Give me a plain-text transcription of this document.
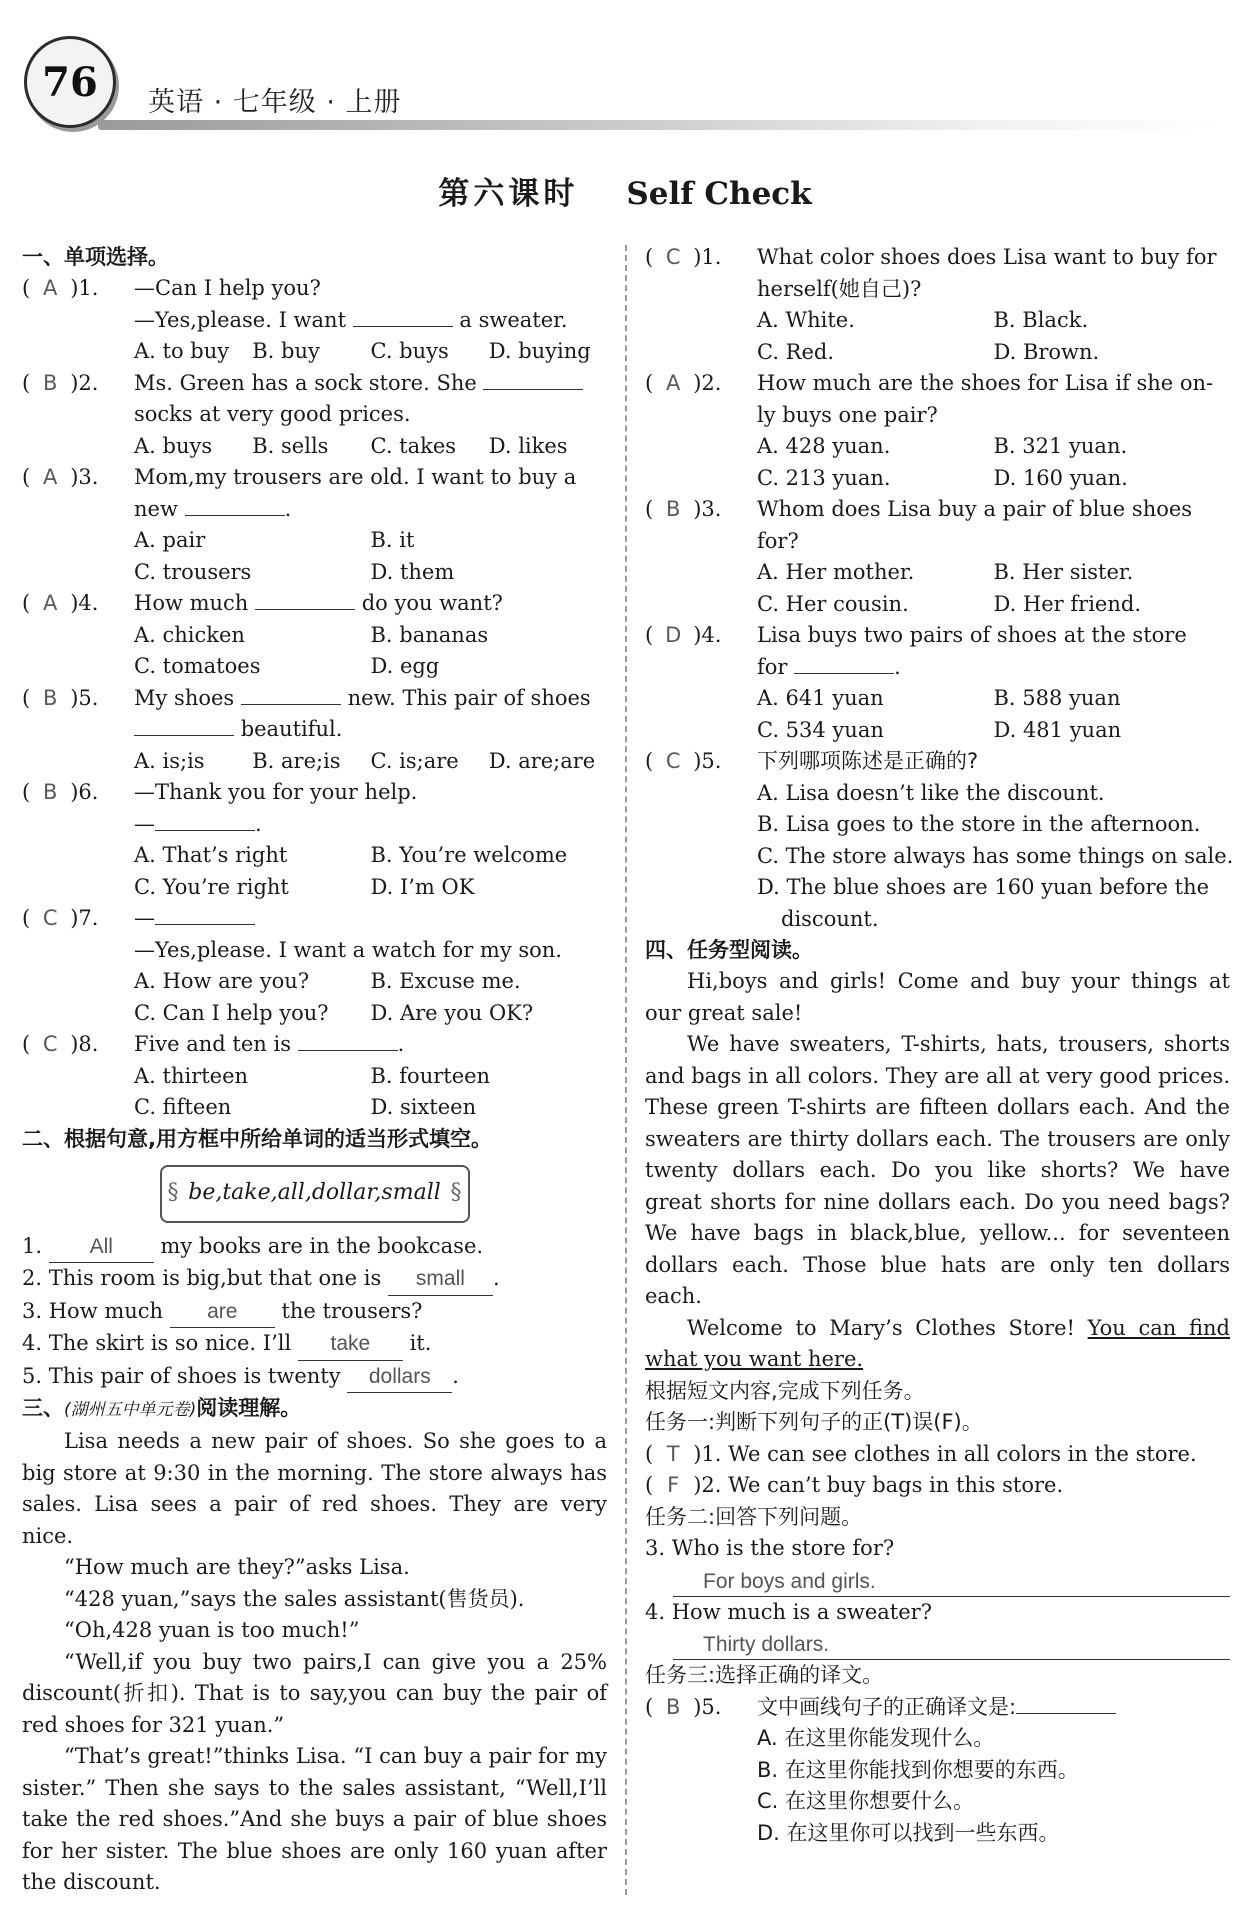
76	英语 · 七年级 · 上册
第六课时 Self Check
一、单项选择。
( A )1. —Can I help you?
—Yes,please. I want	a sweater.
A. to buy	B. buy	C. buys	D. buying
( B )2. Ms. Green has a sock store. She
socks at very good prices.
A. buys	B. sells	C. takes	D. likes
( A )3. Mom,my trousers are old. I want to buy a
new	.
A. pair	B. it
C. trousers	D. them
( A )4. How much	do you want?
A. chicken	B. bananas
C. tomatoes	D. egg
( B )5. My shoes	new. This pair of shoes
beautiful.
A. is;is	B. are;is	C. is;are	D. are;are
( B )6. —Thank you for your help.
—	.
A. That’s right	B. You’re welcome
C. You’re right	D. I’m OK
( C )7. —
—Yes,please. I want a watch for my son.
A. How are you?	B. Excuse me.
C. Can I help you?	D. Are you OK?
( C )8. Five and ten is	.
A. thirteen	B. fourteen
C. fifteen	D. sixteen
二、根据句意,用方框中所给单词的适当形式填空。
§ be,take,all,dollar,small §
1. All my books are in the bookcase.
2. This room is big,but that one is small .
3. How much are the trousers?
4. The skirt is so nice. I’ll take it.
5. This pair of shoes is twenty dollars .
三、(湖州五中单元卷)阅读理解。
Lisa needs a new pair of shoes. So she goes to a big store at 9:30 in the morning. The store always has sales. Lisa sees a pair of red shoes. They are very nice.
“How much are they?”asks Lisa.
“428 yuan,”says the sales assistant(售货员).
“Oh,428 yuan is too much!”
“Well,if you buy two pairs,I can give you a 25% discount(折扣). That is to say,you can buy the pair of red shoes for 321 yuan.”
“That’s great!”thinks Lisa. “I can buy a pair for my sister.” Then she says to the sales assistant, “Well,I’ll take the red shoes.”And she buys a pair of blue shoes for her sister. The blue shoes are only 160 yuan after the discount.
( C )1. What color shoes does Lisa want to buy for
herself(她自己)?
A. White.	B. Black.
C. Red.	D. Brown.
( A )2. How much are the shoes for Lisa if she on-
ly buys one pair?
A. 428 yuan.	B. 321 yuan.
C. 213 yuan.	D. 160 yuan.
( B )3. Whom does Lisa buy a pair of blue shoes
for?
A. Her mother.	B. Her sister.
C. Her cousin.	D. Her friend.
( D )4. Lisa buys two pairs of shoes at the store
for	.
A. 641 yuan	B. 588 yuan
C. 534 yuan	D. 481 yuan
( C )5. 下列哪项陈述是正确的?
A. Lisa doesn’t like the discount.
B. Lisa goes to the store in the afternoon.
C. The store always has some things on sale.
D. The blue shoes are 160 yuan before the
discount.
四、任务型阅读。
Hi,boys and girls! Come and buy your things at our great sale!
We have sweaters, T-shirts, hats, trousers, shorts and bags in all colors. They are all at very good prices. These green T-shirts are fifteen dollars each. And the sweaters are thirty dollars each. The trousers are only twenty dollars each. Do you like shorts? We have great shorts for nine dollars each. Do you need bags? We have bags in black,blue, yellow... for seventeen dollars each. Those blue hats are only ten dollars each.
Welcome to Mary’s Clothes Store! You can find what you want here.
根据短文内容,完成下列任务。
任务一:判断下列句子的正(T)误(F)。
( T )1. We can see clothes in all colors in the store.
( F )2. We can’t buy bags in this store.
任务二:回答下列问题。
3. Who is the store for?
For boys and girls.
4. How much is a sweater?
Thirty dollars.
任务三:选择正确的译文。
( B )5. 文中画线句子的正确译文是:
A. 在这里你能发现什么。
B. 在这里你能找到你想要的东西。
C. 在这里你想要什么。
D. 在这里你可以找到一些东西。
